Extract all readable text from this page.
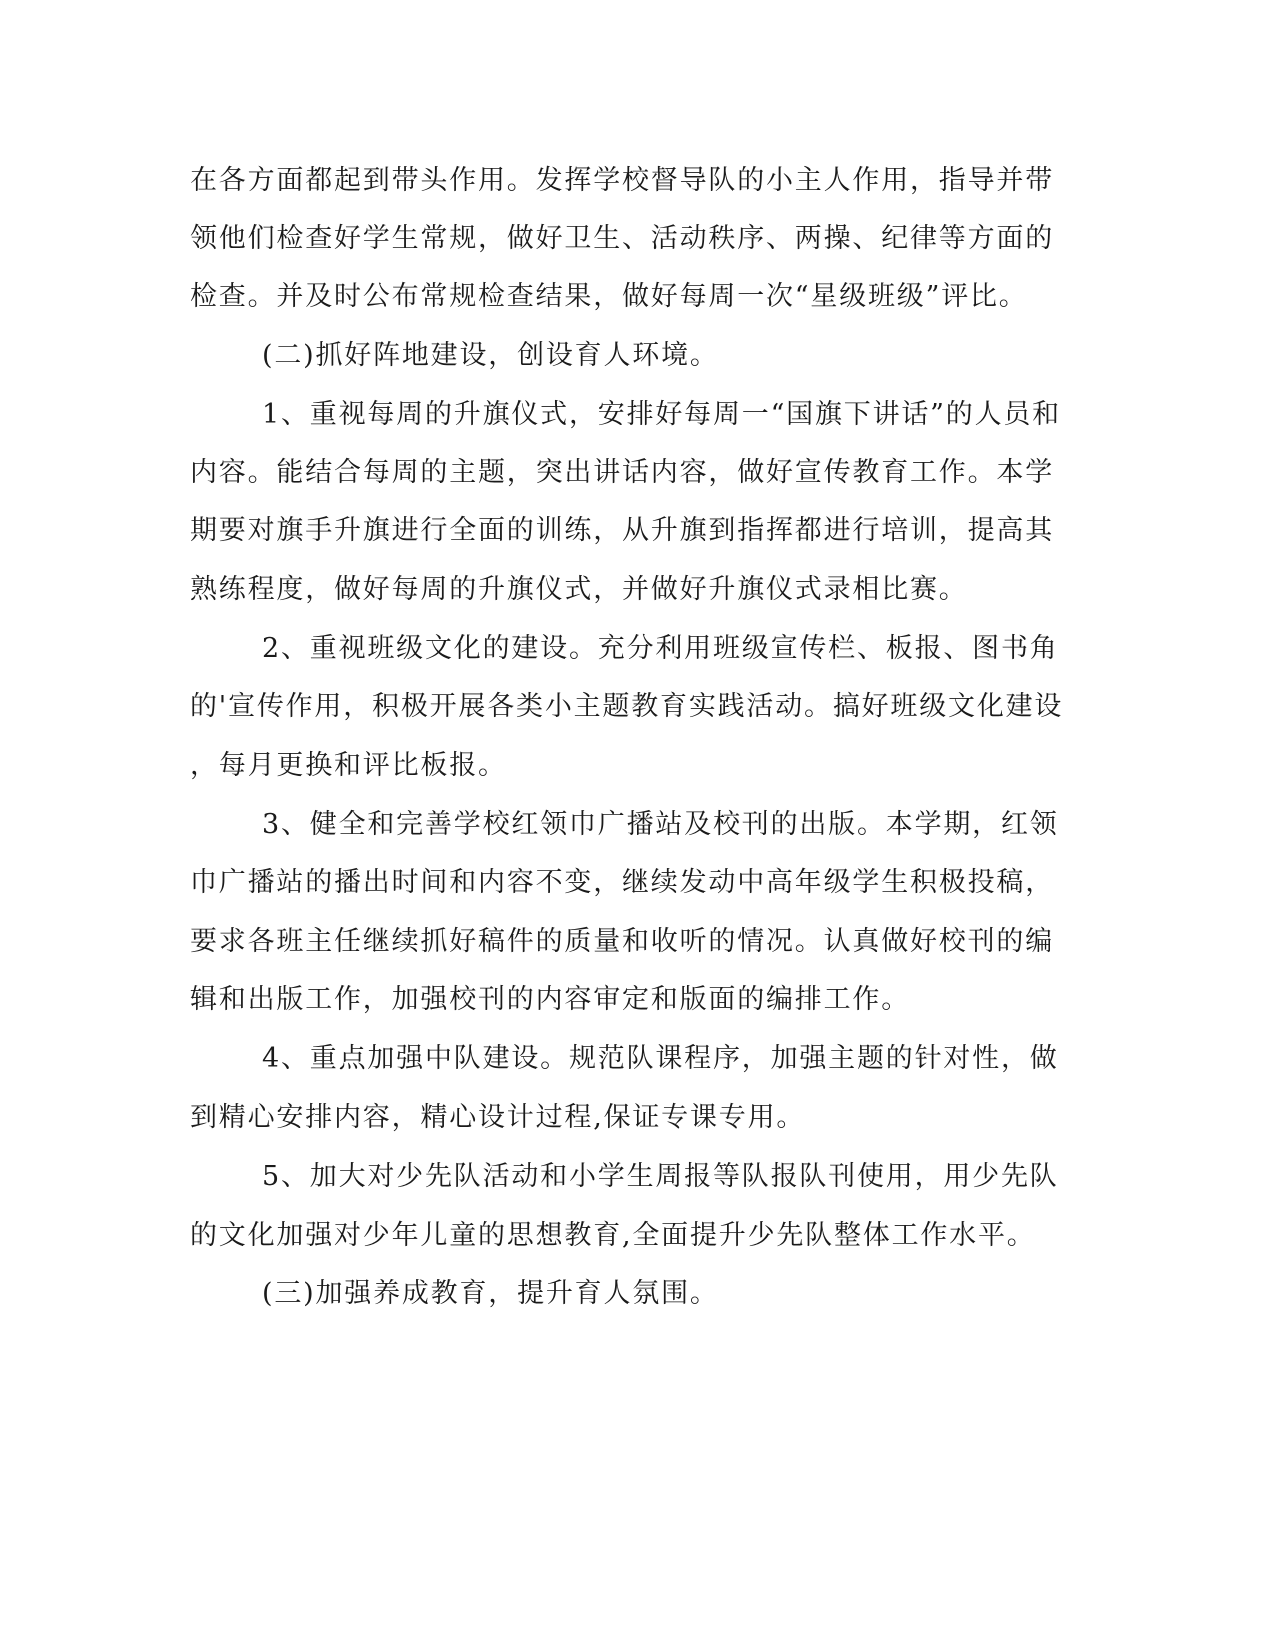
在各方面都起到带头作用。发挥学校督导队的小主人作用，指导并带

领他们检查好学生常规，做好卫生、活动秩序、两操、纪律等方面的

检查。并及时公布常规检查结果，做好每周一次“星级班级”评比。

(二)抓好阵地建设，创设育人环境。

1、重视每周的升旗仪式，安排好每周一“国旗下讲话”的人员和

内容。能结合每周的主题，突出讲话内容，做好宣传教育工作。本学

期要对旗手升旗进行全面的训练，从升旗到指挥都进行培训，提高其

熟练程度，做好每周的升旗仪式，并做好升旗仪式录相比赛。

2、重视班级文化的建设。充分利用班级宣传栏、板报、图书角

的'宣传作用，积极开展各类小主题教育实践活动。搞好班级文化建设

，每月更换和评比板报。

3、健全和完善学校红领巾广播站及校刊的出版。本学期，红领

巾广播站的播出时间和内容不变，继续发动中高年级学生积极投稿，

要求各班主任继续抓好稿件的质量和收听的情况。认真做好校刊的编

辑和出版工作，加强校刊的内容审定和版面的编排工作。

4、重点加强中队建设。规范队课程序，加强主题的针对性，做

到精心安排内容，精心设计过程,保证专课专用。

5、加大对少先队活动和小学生周报等队报队刊使用，用少先队

的文化加强对少年儿童的思想教育,全面提升少先队整体工作水平。

(三)加强养成教育，提升育人氛围。
